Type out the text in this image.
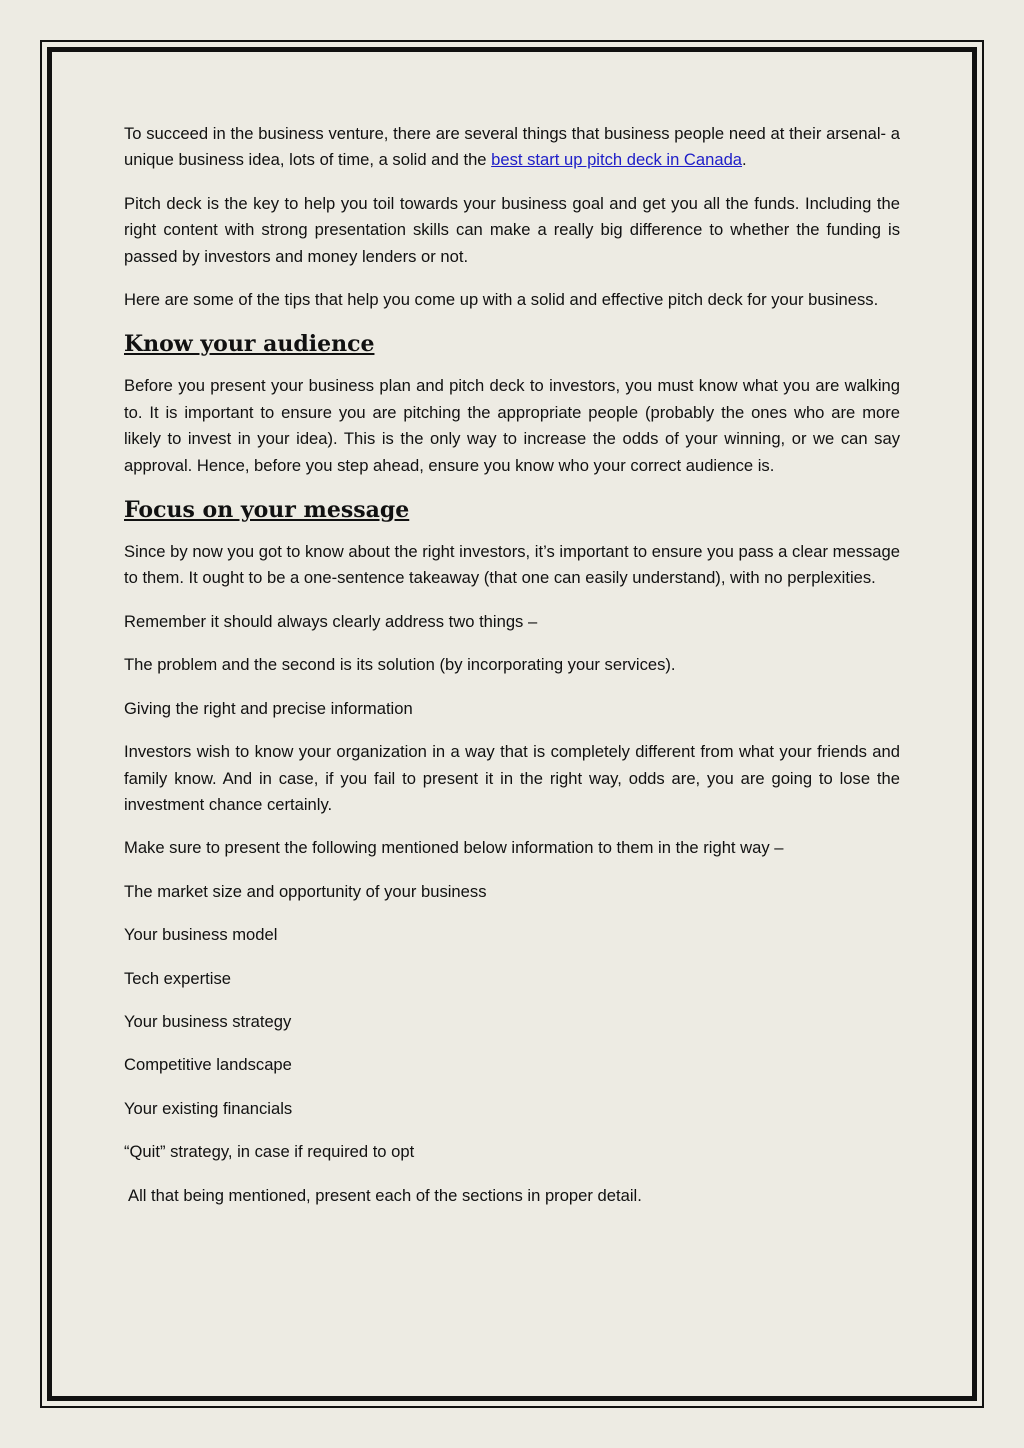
To succeed in the business venture, there are several things that business people need at their arsenal- a unique business idea, lots of time, a solid and the best start up pitch deck in Canada.

Pitch deck is the key to help you toil towards your business goal and get you all the funds. Including the right content with strong presentation skills can make a really big difference to whether the funding is passed by investors and money lenders or not.

Here are some of the tips that help you come up with a solid and effective pitch deck for your business.

Know your audience

Before you present your business plan and pitch deck to investors, you must know what you are walking to. It is important to ensure you are pitching the appropriate people (probably the ones who are more likely to invest in your idea). This is the only way to increase the odds of your winning, or we can say approval. Hence, before you step ahead, ensure you know who your correct audience is.

Focus on your message

Since by now you got to know about the right investors, it’s important to ensure you pass a clear message to them. It ought to be a one-sentence takeaway (that one can easily understand), with no perplexities.

Remember it should always clearly address two things –

The problem and the second is its solution (by incorporating your services).

Giving the right and precise information

Investors wish to know your organization in a way that is completely different from what your friends and family know. And in case, if you fail to present it in the right way, odds are, you are going to lose the investment chance certainly.

Make sure to present the following mentioned below information to them in the right way –

The market size and opportunity of your business

Your business model

Tech expertise

Your business strategy

Competitive landscape

Your existing financials

“Quit” strategy, in case if required to opt

All that being mentioned, present each of the sections in proper detail.
